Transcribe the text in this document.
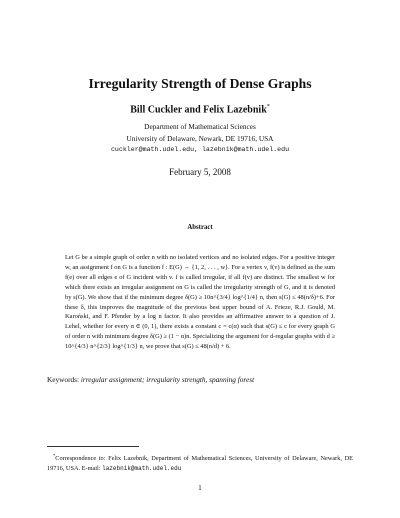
Irregularity Strength of Dense Graphs
Bill Cuckler and Felix Lazebnik*
Department of Mathematical Sciences
University of Delaware, Newark, DE 19716, USA
cuckler@math.udel.edu, lazebnik@math.udel.edu
February 5, 2008
Abstract

Let G be a simple graph of order n with no isolated vertices and no isolated edges. For a positive integer w, an assignment f on G is a function f : E(G) → {1, 2, . . . , w}. For a vertex v, f(v) is defined as the sum f(e) over all edges e of G incident with v. f is called irregular, if all f(v) are distinct. The smallest w for which there exists an irregular assignment on G is called the irregularity strength of G, and it is denoted by s(G). We show that if the minimum degree δ(G) ≥ 10n^{3/4} log^{1/4} n, then s(G) ≤ 48(n/δ)+6. For these δ, this improves the magnitude of the previous best upper bound of A. Frieze, R.J. Gould, M. Karoński, and F. Pfender by a log n factor. It also provides an affirmative answer to a question of J. Lehel, whether for every α ∈ (0, 1), there exists a constant c = c(α) such that s(G) ≤ c for every graph G of order n with minimum degree δ(G) ≥ (1 − α)n. Specializing the argument for d-regular graphs with d ≥ 10^{4/3} n^{2/3} log^{1/3} n, we prove that s(G) ≤ 48(n/d) + 6.

Keywords: irregular assignment; irregularity strength, spanning forest

*Correspondence to: Felix Lazebnik, Department of Mathematical Sciences, University of Delaware, Newark, DE 19716, USA. E-mail: lazebnik@math.udel.edu

1
